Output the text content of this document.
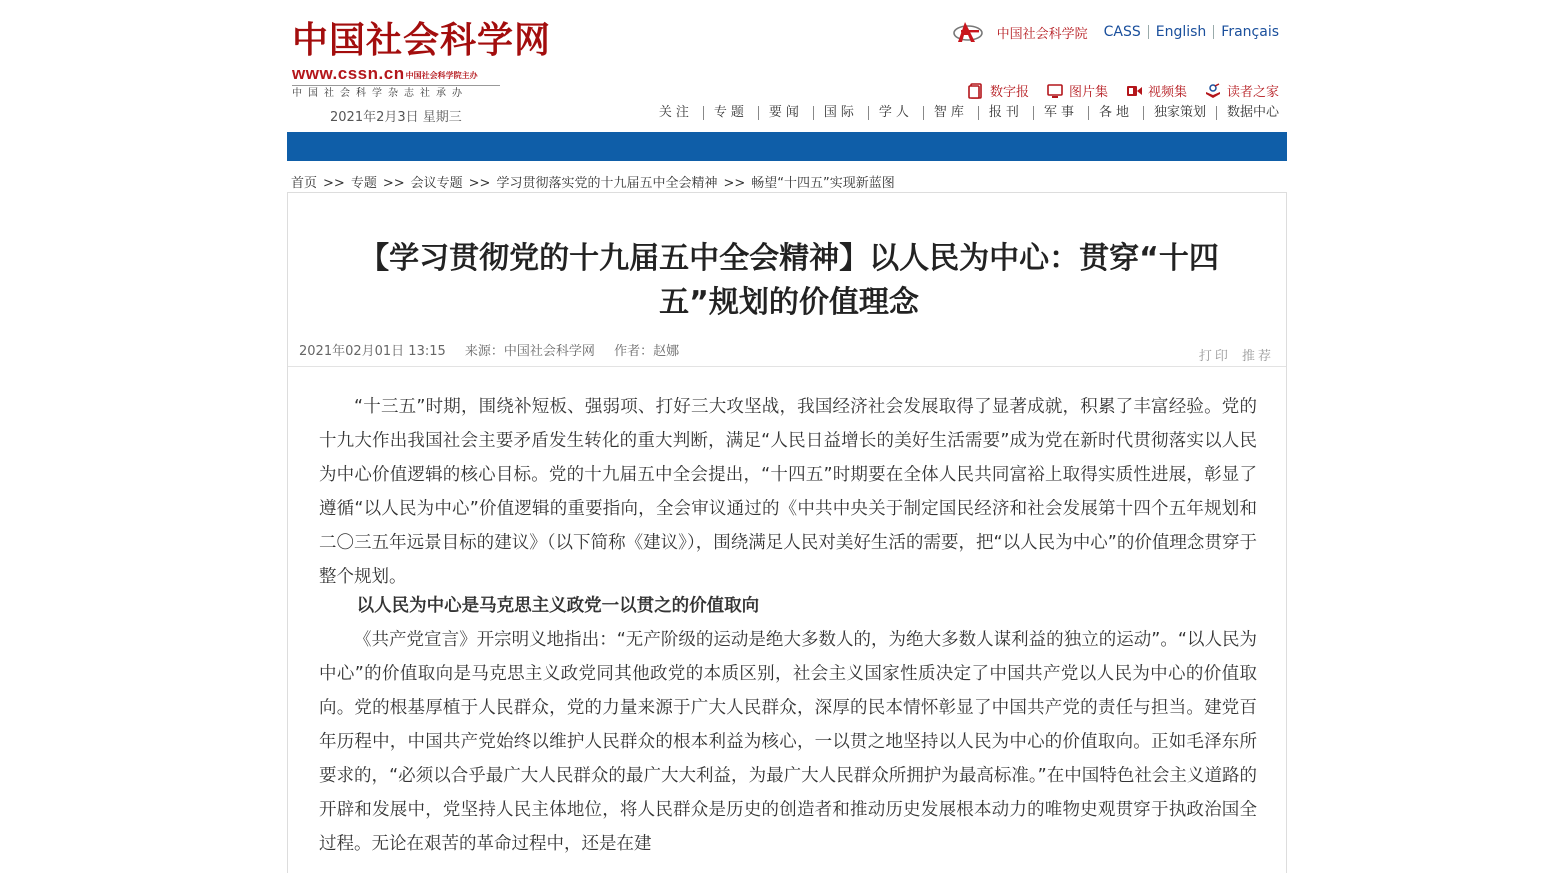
中国社会科学网
www.cssn.cn 中国社会科学院主办
中国社会科学杂志社承办
2021年2月3日 星期三
中国社会科学院 CASS	English	Français
数字报	图片集	视频集	读者之家
关注	专题	要闻	国际	学人	智库	报刊	军事	各地	独家策划	数据中心
首页 >> 专题 >> 会议专题 >> 学习贯彻落实党的十九届五中全会精神 >> 畅望“十四五”实现新蓝图
【学习贯彻党的十九届五中全会精神】以人民为中心：贯穿“十四五”规划的价值理念
2021年02月01日 13:15 来源：中国社会科学网 作者：赵娜	打印 推荐

“十三五”时期，围绕补短板、强弱项、打好三大攻坚战，我国经济社会发展取得了显著成就，积累了丰富经验。党的十九大作出我国社会主要矛盾发生转化的重大判断，满足“人民日益增长的美好生活需要”成为党在新时代贯彻落实以人民为中心价值逻辑的核心目标。党的十九届五中全会提出，“十四五”时期要在全体人民共同富裕上取得实质性进展，彰显了遵循“以人民为中心”价值逻辑的重要指向，全会审议通过的《中共中央关于制定国民经济和社会发展第十四个五年规划和二〇三五年远景目标的建议》（以下简称《建议》），围绕满足人民对美好生活的需要，把“以人民为中心”的价值理念贯穿于整个规划。

以人民为中心是马克思主义政党一以贯之的价值取向

《共产党宣言》开宗明义地指出：“无产阶级的运动是绝大多数人的，为绝大多数人谋利益的独立的运动”。“以人民为中心”的价值取向是马克思主义政党同其他政党的本质区别，社会主义国家性质决定了中国共产党以人民为中心的价值取向。党的根基厚植于人民群众，党的力量来源于广大人民群众，深厚的民本情怀彰显了中国共产党的责任与担当。建党百年历程中，中国共产党始终以维护人民群众的根本利益为核心，一以贯之地坚持以人民为中心的价值取向。正如毛泽东所要求的，“必须以合乎最广大人民群众的最广大大利益，为最广大人民群众所拥护为最高标准。”在中国特色社会主义道路的开辟和发展中，党坚持人民主体地位，将人民群众是历史的创造者和推动历史发展根本动力的唯物史观贯穿于执政治国全过程。无论在艰苦的革命过程中，还是在建
